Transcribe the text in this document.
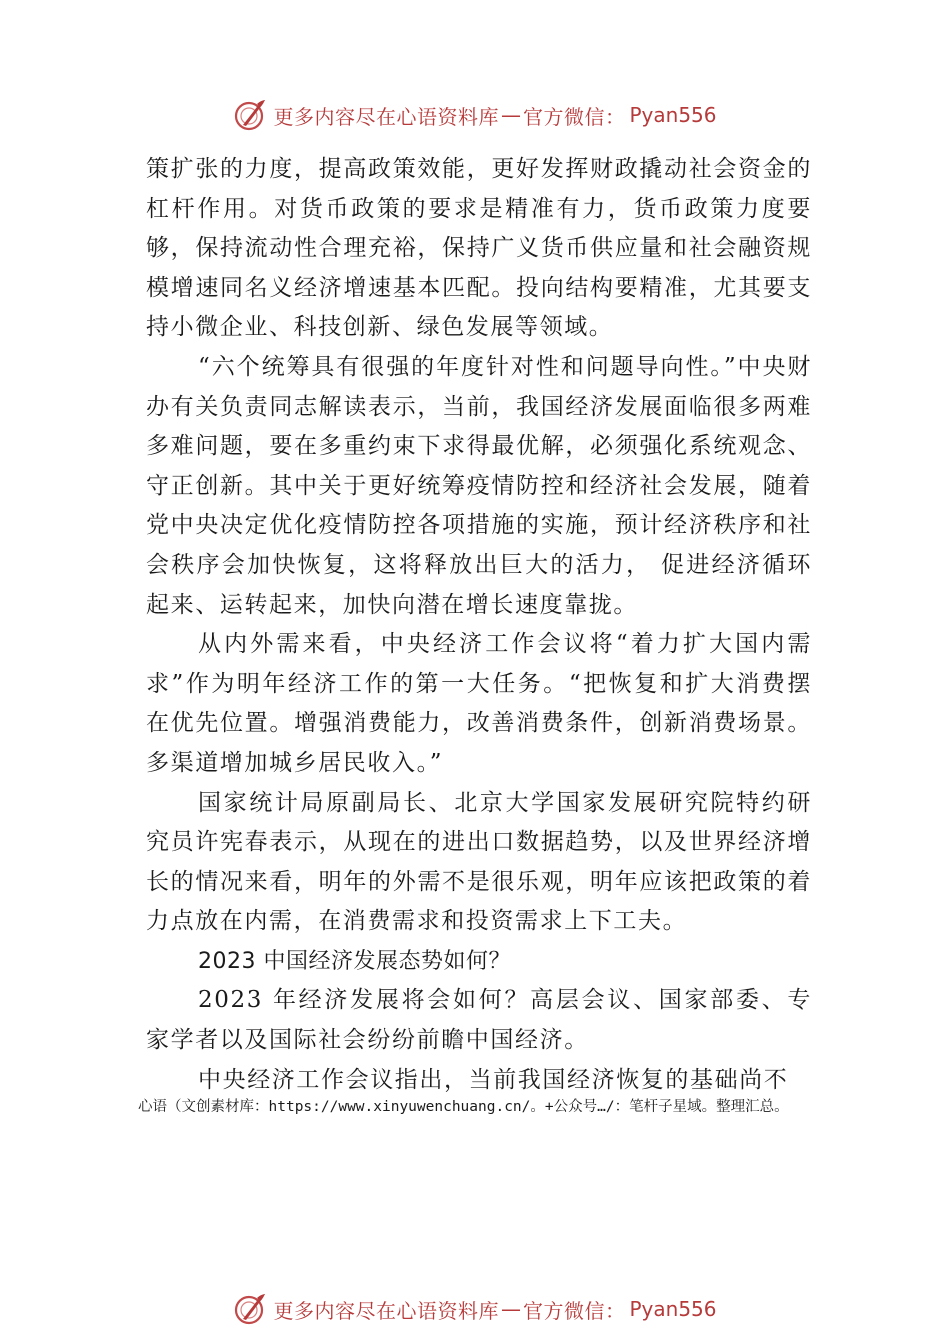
更多内容尽在心语资料库 — 官方微信： Pyan556

策扩张的力度，提高政策效能，更好发挥财政撬动社会资金的杠杆作用。对货币政策的要求是精准有力，货币政策力度要够，保持流动性合理充裕，保持广义货币供应量和社会融资规模增速同名义经济增速基本匹配。投向结构要精准，尤其要支持小微企业、科技创新、绿色发展等领域。

“六个统筹具有很强的年度针对性和问题导向性。”中央财办有关负责同志解读表示，当前，我国经济发展面临很多两难多难问题，要在多重约束下求得最优解，必须强化系统观念、守正创新。其中关于更好统筹疫情防控和经济社会发展，随着党中央决定优化疫情防控各项措施的实施，预计经济秩序和社会秩序会加快恢复，这将释放出巨大的活力， 促进经济循环起来、运转起来，加快向潜在增长速度靠拢。

从内外需来看，中央经济工作会议将“着力扩大国内需求”作为明年经济工作的第一大任务。“把恢复和扩大消费摆在优先位置。增强消费能力，改善消费条件，创新消费场景。多渠道增加城乡居民收入。”

国家统计局原副局长、北京大学国家发展研究院特约研究员许宪春表示，从现在的进出口数据趋势，以及世界经济增长的情况来看，明年的外需不是很乐观，明年应该把政策的着力点放在内需，在消费需求和投资需求上下工夫。

2023 中国经济发展态势如何？

2023 年经济发展将会如何？高层会议、国家部委、专家学者以及国际社会纷纷前瞻中国经济。

中央经济工作会议指出，当前我国经济恢复的基础尚不

心语（文创素材库：https://www.xinyuwenchuang.cn/。+公众号…/：笔杆子星域。整理汇总。
更多内容尽在心语资料库 — 官方微信： Pyan556
